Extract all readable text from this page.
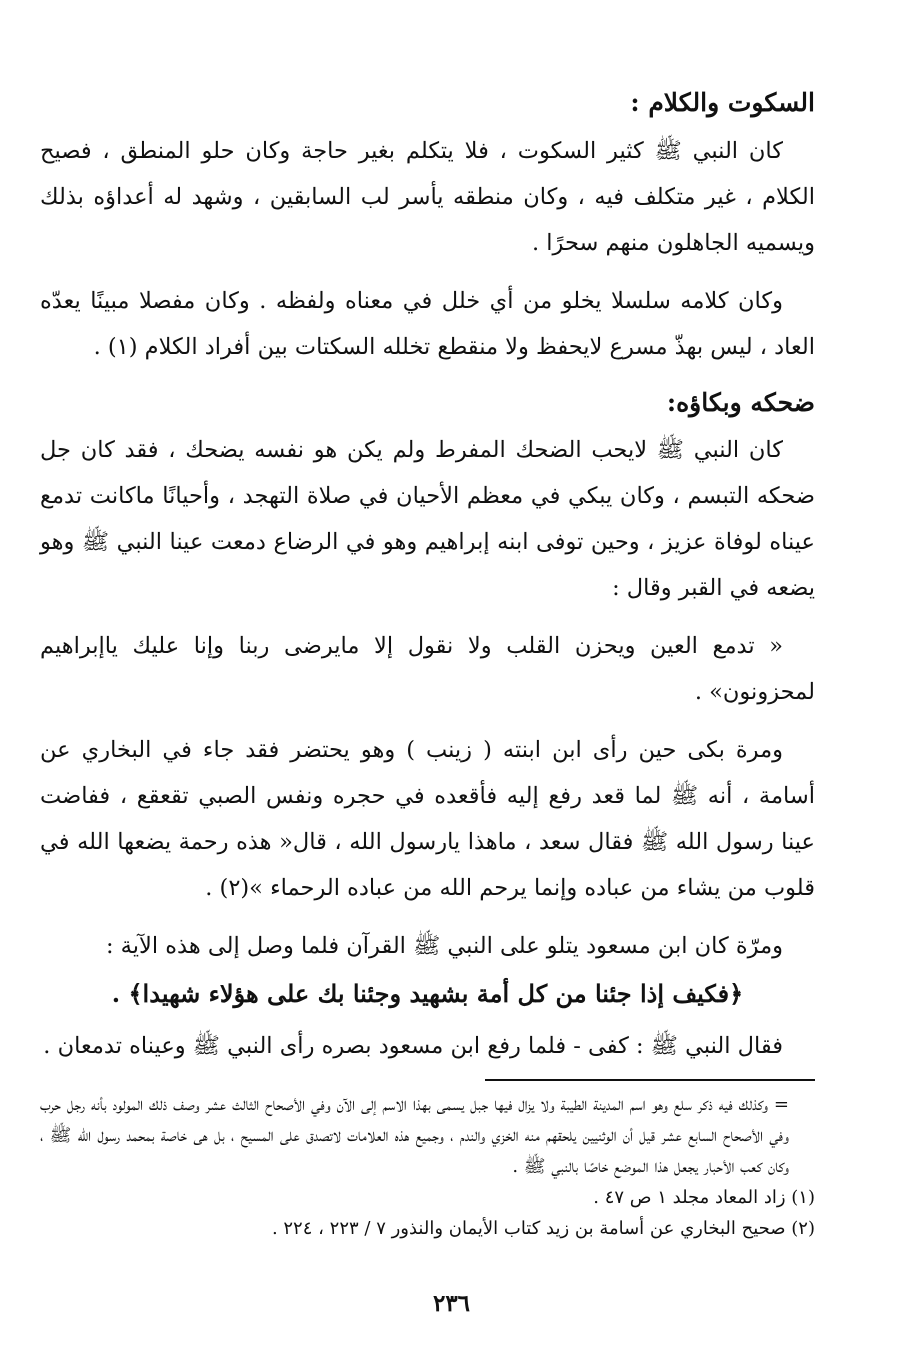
السكوت والكلام :

كان النبي ﷺ كثير السكوت ، فلا يتكلم بغير حاجة وكان حلو المنطق ، فصيح الكلام ، غير متكلف فيه ، وكان منطقه يأسر لب السابقين ، وشهد له أعداؤه بذلك ويسميه الجاهلون منهم سحرًا .

وكان كلامه سلسلا يخلو من أي خلل في معناه ولفظه . وكان مفصلا مبينًا يعدّه العاد ، ليس بهذّ مسرع لايحفظ ولا منقطع تخلله السكتات بين أفراد الكلام (١) .

ضحكه وبكاؤه:

كان النبي ﷺ لايحب الضحك المفرط ولم يكن هو نفسه يضحك ، فقد كان جل ضحكه التبسم ، وكان يبكي في معظم الأحيان في صلاة التهجد ، وأحيانًا ماكانت تدمع عيناه لوفاة عزيز ، وحين توفى ابنه إبراهيم وهو في الرضاع دمعت عينا النبي ﷺ وهو يضعه في القبر وقال :

« تدمع العين ويحزن القلب ولا نقول إلا مايرضى ربنا وإنا عليك ياإبراهيم لمحزونون» .

ومرة بكى حين رأى ابن ابنته ( زينب ) وهو يحتضر فقد جاء في البخاري عن أسامة ، أنه ﷺ لما قعد رفع إليه فأقعده في حجره ونفس الصبي تقعقع ، ففاضت عينا رسول الله ﷺ فقال سعد ، ماهذا يارسول الله ، قال« هذه رحمة يضعها الله في قلوب من يشاء من عباده وإنما يرحم الله من عباده الرحماء »(٢) .

ومرّة كان ابن مسعود يتلو على النبي ﷺ القرآن فلما وصل إلى هذه الآية :

﴿فكيف إذا جئنا من كل أمة بشهيد وجئنا بك على هؤلاء شهيدا﴾ .

فقال النبي ﷺ : كفى - فلما رفع ابن مسعود بصره رأى النبي ﷺ وعيناه تدمعان .

= وكذلك فيه ذكر سلع وهو اسم المدينة الطيبة ولا يزال فيها جبل يسمى بهذا الاسم إلى الآن وفي الأصحاح الثالث عشر وصف ذلك المولود بأنه رجل حرب وفي الأصحاح السابع عشر قيل أن الوثنيين يلحقهم منه الخزي والندم ، وجميع هذه العلامات لاتصدق على المسيح ، بل هى خاصة بمحمد رسول الله ﷺ ، وكان كعب الأحبار يجعل هذا الموضع خاصًا بالنبي ﷺ .

(١) زاد المعاد مجلد ١ ص ٤٧ .

(٢) صحيح البخاري عن أسامة بن زيد كتاب الأيمان والنذور ٧ / ٢٢٣ ، ٢٢٤ .

٢٣٦
